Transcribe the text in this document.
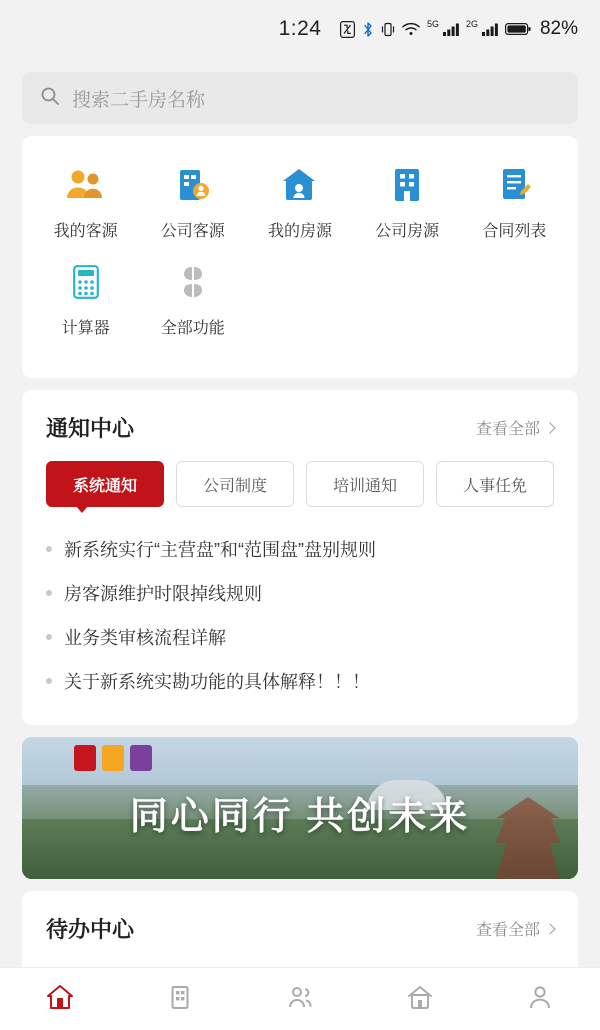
1:24	5G	2G	82%
搜索二手房名称
我的客源	公司客源	我的房源	公司房源	合同列表
计算器	全部功能
通知中心	查看全部
系统通知	公司制度	培训通知	人事任免
新系统实行“主营盘”和“范围盘”盘别规则
房客源维护时限掉线规则
业务类审核流程详解
关于新系统实勘功能的具体解释！！！
同心同行 共创未来
待办中心	查看全部
